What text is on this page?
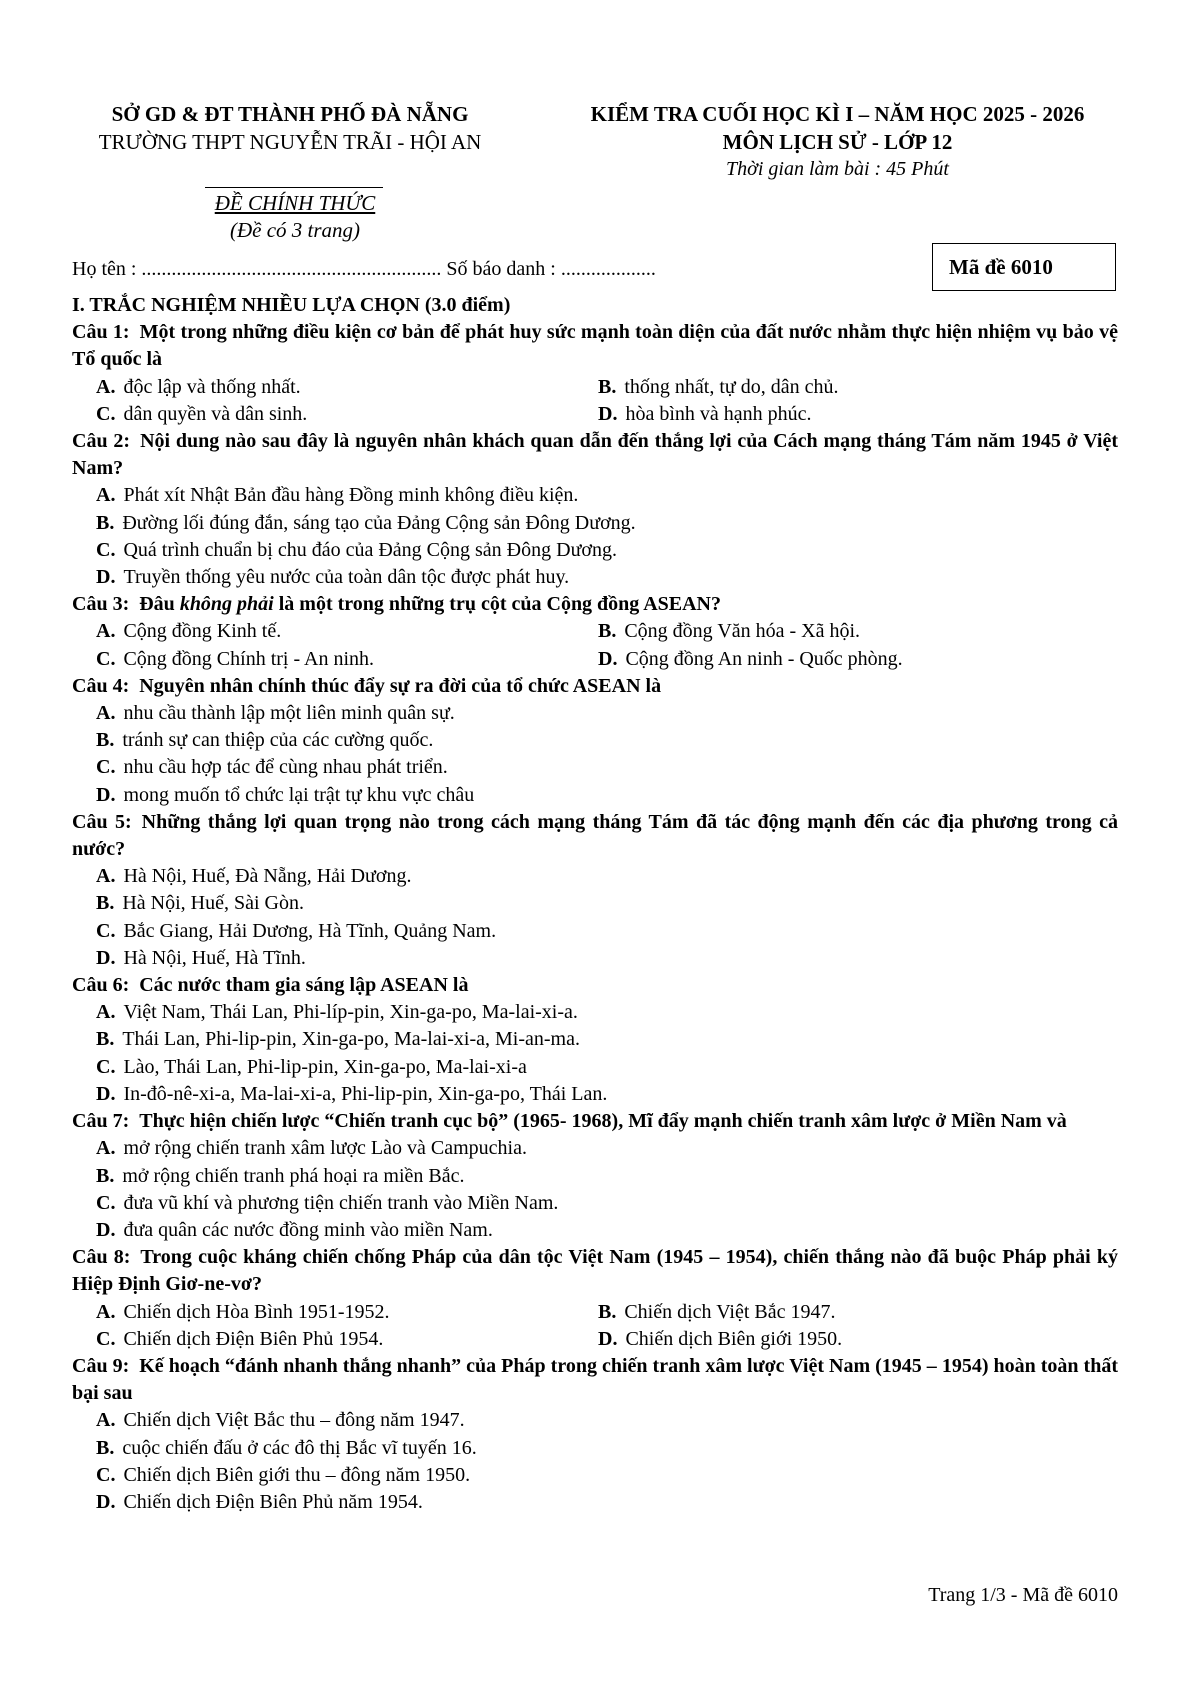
SỞ GD & ĐT THÀNH PHỐ ĐÀ NẴNG
TRƯỜNG THPT NGUYỄN TRÃI - HỘI AN
KIỂM TRA CUỐI HỌC KÌ I – NĂM HỌC 2025 - 2026
MÔN LỊCH SỬ - LỚP 12
Thời gian làm bài : 45 Phút
ĐỀ CHÍNH THỨC
(Đề có 3 trang)
Họ tên : ............................................................ Số báo danh : ...................	Mã đề 6010
I. TRẮC NGHIỆM NHIỀU LỰA CHỌN (3.0 điểm)
Câu 1: Một trong những điều kiện cơ bản để phát huy sức mạnh toàn diện của đất nước nhằm thực hiện nhiệm vụ bảo vệ Tổ quốc là
A. độc lập và thống nhất.	B. thống nhất, tự do, dân chủ.
C. dân quyền và dân sinh.	D. hòa bình và hạnh phúc.
Câu 2: Nội dung nào sau đây là nguyên nhân khách quan dẫn đến thắng lợi của Cách mạng tháng Tám năm 1945 ở Việt Nam?
A. Phát xít Nhật Bản đầu hàng Đồng minh không điều kiện.
B. Đường lối đúng đắn, sáng tạo của Đảng Cộng sản Đông Dương.
C. Quá trình chuẩn bị chu đáo của Đảng Cộng sản Đông Dương.
D. Truyền thống yêu nước của toàn dân tộc được phát huy.
Câu 3: Đâu không phải là một trong những trụ cột của Cộng đồng ASEAN?
A. Cộng đồng Kinh tế.	B. Cộng đồng Văn hóa - Xã hội.
C. Cộng đồng Chính trị - An ninh.	D. Cộng đồng An ninh - Quốc phòng.
Câu 4: Nguyên nhân chính thúc đẩy sự ra đời của tổ chức ASEAN là
A. nhu cầu thành lập một liên minh quân sự.
B. tránh sự can thiệp của các cường quốc.
C. nhu cầu hợp tác để cùng nhau phát triển.
D. mong muốn tổ chức lại trật tự khu vực châu
Câu 5: Những thắng lợi quan trọng nào trong cách mạng tháng Tám đã tác động mạnh đến các địa phương trong cả nước?
A. Hà Nội, Huế, Đà Nẵng, Hải Dương.
B. Hà Nội, Huế, Sài Gòn.
C. Bắc Giang, Hải Dương, Hà Tĩnh, Quảng Nam.
D. Hà Nội, Huế, Hà Tĩnh.
Câu 6: Các nước tham gia sáng lập ASEAN là
A. Việt Nam, Thái Lan, Phi-líp-pin, Xin-ga-po, Ma-lai-xi-a.
B. Thái Lan, Phi-lip-pin, Xin-ga-po, Ma-lai-xi-a, Mi-an-ma.
C. Lào, Thái Lan, Phi-lip-pin, Xin-ga-po, Ma-lai-xi-a
D. In-đô-nê-xi-a, Ma-lai-xi-a, Phi-lip-pin, Xin-ga-po, Thái Lan.
Câu 7: Thực hiện chiến lược “Chiến tranh cục bộ” (1965- 1968), Mĩ đẩy mạnh chiến tranh xâm lược ở Miền Nam và
A. mở rộng chiến tranh xâm lược Lào và Campuchia.
B. mở rộng chiến tranh phá hoại ra miền Bắc.
C. đưa vũ khí và phương tiện chiến tranh vào Miền Nam.
D. đưa quân các nước đồng minh vào miền Nam.
Câu 8: Trong cuộc kháng chiến chống Pháp của dân tộc Việt Nam (1945 – 1954), chiến thắng nào đã buộc Pháp phải ký Hiệp Định Giơ-ne-vơ?
A. Chiến dịch Hòa Bình 1951-1952.	B. Chiến dịch Việt Bắc 1947.
C. Chiến dịch Điện Biên Phủ 1954.	D. Chiến dịch Biên giới 1950.
Câu 9: Kế hoạch “đánh nhanh thắng nhanh” của Pháp trong chiến tranh xâm lược Việt Nam (1945 – 1954) hoàn toàn thất bại sau
A. Chiến dịch Việt Bắc thu – đông năm 1947.
B. cuộc chiến đấu ở các đô thị Bắc vĩ tuyến 16.
C. Chiến dịch Biên giới thu – đông năm 1950.
D. Chiến dịch Điện Biên Phủ năm 1954.
Trang 1/3 - Mã đề 6010
